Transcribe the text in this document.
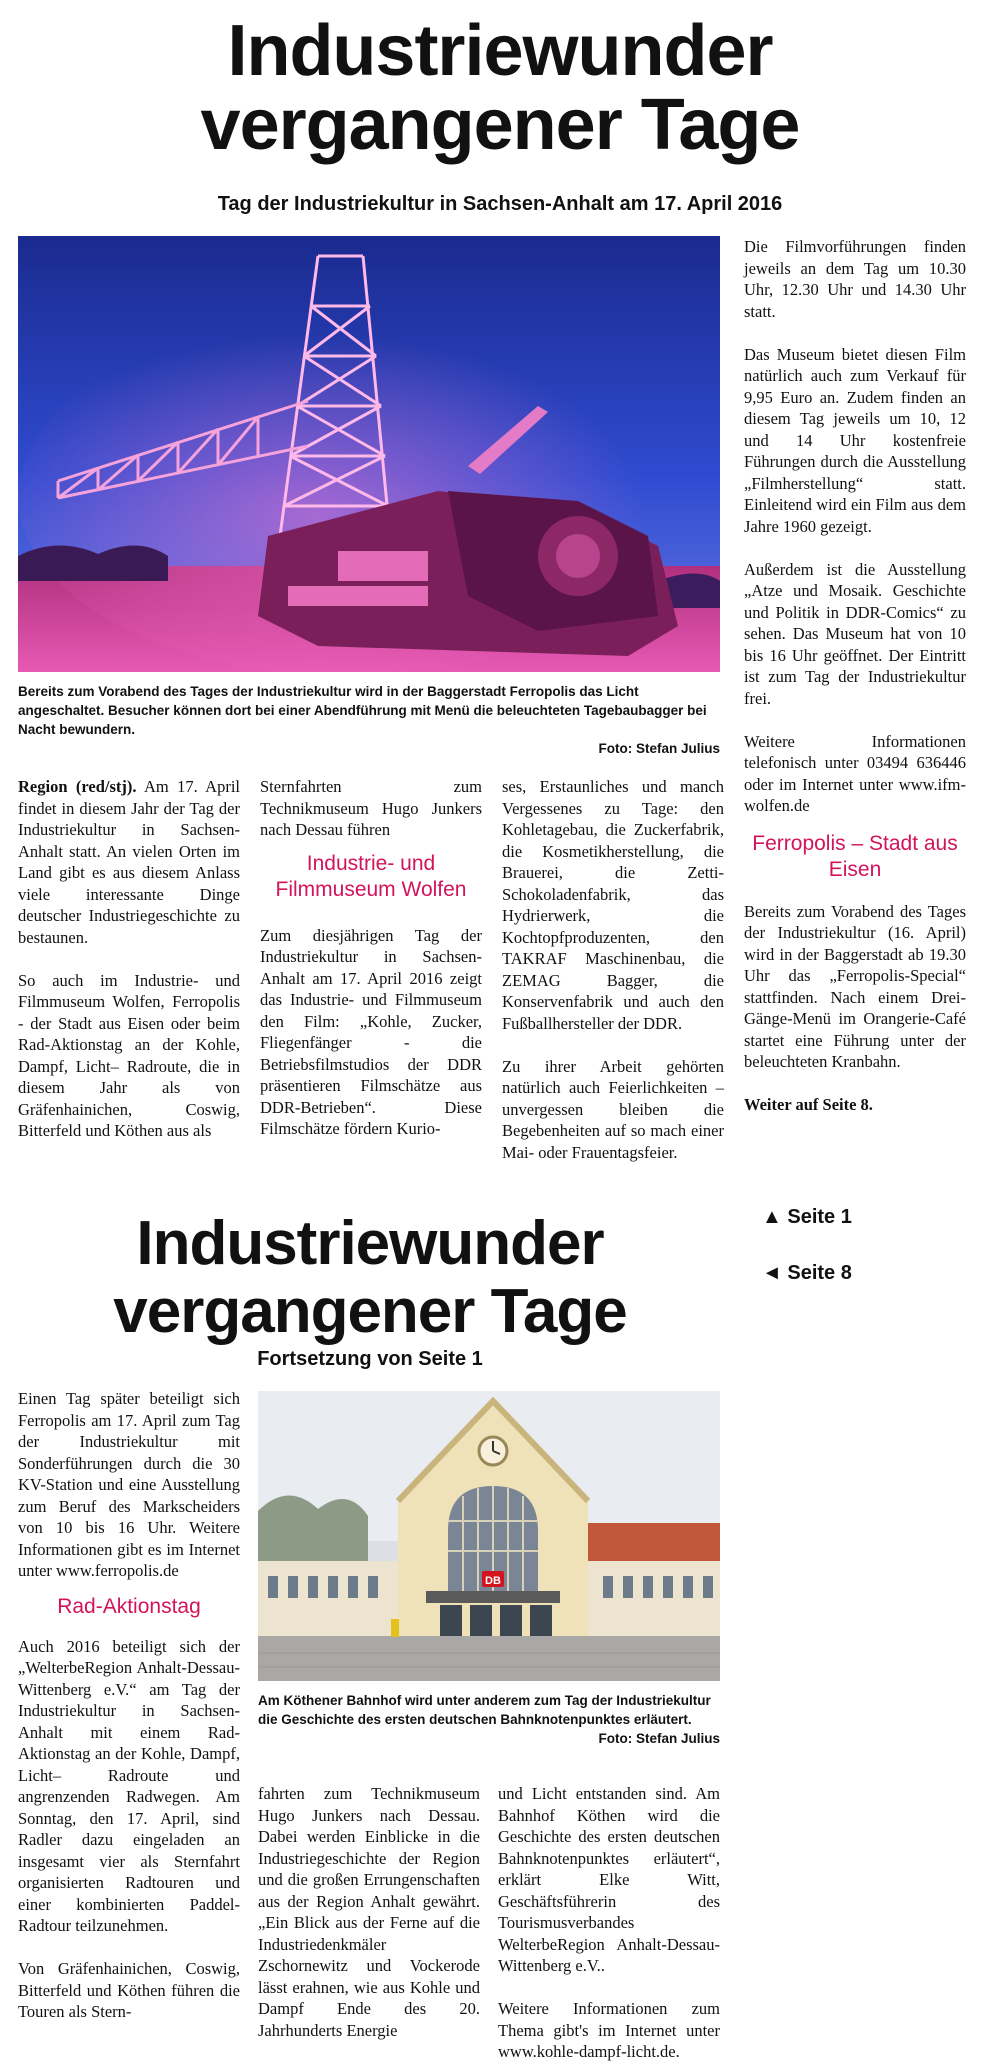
Industriewunder
vergangener Tage
Tag der Industriekultur in Sachsen-Anhalt am 17. April 2016
Bereits zum Vorabend des Tages der Industriekultur wird in der Baggerstadt Ferropolis das Licht angeschaltet. Besucher können dort bei einer Abendführung mit Menü die beleuchteten Tagebaubagger bei Nacht bewundern.
Foto: Stefan Julius

Region (red/stj). Am 17. April findet in diesem Jahr der Tag der Industriekultur in Sachsen-Anhalt statt. An vielen Orten im Land gibt es aus diesem Anlass viele interessante Dinge deutscher Industriegeschichte zu bestaunen.

So auch im Industrie- und Filmmuseum Wolfen, Ferropolis - der Stadt aus Eisen oder beim Rad-Aktionstag an der Kohle, Dampf, Licht– Radroute, die in diesem Jahr als von Gräfenhainichen, Coswig, Bitterfeld und Köthen aus als

Sternfahrten zum Technikmuseum Hugo Junkers nach Dessau führen

Industrie- und Filmmuseum Wolfen

Zum diesjährigen Tag der Industriekultur in Sachsen-Anhalt am 17. April 2016 zeigt das Industrie- und Filmmuseum den Film: „Kohle, Zucker, Fliegenfänger - die Betriebsfilmstudios der DDR präsentieren Filmschätze aus DDR-Betrieben“. Diese Filmschätze fördern Kurio-

ses, Erstaunliches und manch Vergessenes zu Tage: den Kohletagebau, die Zuckerfabrik, die Kosmetikherstellung, die Brauerei, die Zetti-Schokoladenfabrik, das Hydrierwerk, die Kochtopfproduzenten, den TAKRAF Maschinenbau, die ZEMAG Bagger, die Konservenfabrik und auch den Fußballhersteller der DDR.

Zu ihrer Arbeit gehörten natürlich auch Feierlichkeiten – unvergessen bleiben die Begebenheiten auf so mach einer Mai- oder Frauentagsfeier.

Die Filmvorführungen finden jeweils an dem Tag um 10.30 Uhr, 12.30 Uhr und 14.30 Uhr statt.

Das Museum bietet diesen Film natürlich auch zum Verkauf für 9,95 Euro an. Zudem finden an diesem Tag jeweils um 10, 12 und 14 Uhr kostenfreie Führungen durch die Ausstellung „Filmherstellung“ statt. Einleitend wird ein Film aus dem Jahre 1960 gezeigt.

Außerdem ist die Ausstellung „Atze und Mosaik. Geschichte und Politik in DDR-Comics“ zu sehen. Das Museum hat von 10 bis 16 Uhr geöffnet. Der Eintritt ist zum Tag der Industriekultur frei.

Weitere Informationen telefonisch unter 03494 636446 oder im Internet unter www.ifm-wolfen.de

Ferropolis – Stadt aus Eisen

Bereits zum Vorabend des Tages der Industriekultur (16. April) wird in der Baggerstadt ab 19.30 Uhr das „Ferropolis-Special“ stattfinden. Nach einem Drei-Gänge-Menü im Orangerie-Café startet eine Führung unter der beleuchteten Kranbahn.

Weiter auf Seite 8.

▲ Seite 1
◄ Seite 8
Industriewunder
vergangener Tage
Fortsetzung von Seite 1

Einen Tag später beteiligt sich Ferropolis am 17. April zum Tag der Industriekultur mit Sonderführungen durch die 30 KV-Station und eine Ausstellung zum Beruf des Markscheiders von 10 bis 16 Uhr. Weitere Informationen gibt es im Internet unter www.ferropolis.de

Rad-Aktionstag

Auch 2016 beteiligt sich der „WelterbeRegion Anhalt-Dessau-Wittenberg e.V.“ am Tag der Industriekultur in Sachsen-Anhalt mit einem Rad-Aktionstag an der Kohle, Dampf, Licht– Radroute und angrenzenden Radwegen. Am Sonntag, den 17. April, sind Radler dazu eingeladen an insgesamt vier als Sternfahrt organisierten Radtouren und einer kombinierten Paddel-Radtour teilzunehmen.

Von Gräfenhainichen, Coswig, Bitterfeld und Köthen führen die Touren als Stern-

DB
Am Köthener Bahnhof wird unter anderem zum Tag der Industriekultur die Geschichte des ersten deutschen Bahnknotenpunktes erläutert.
Foto: Stefan Julius

fahrten zum Technikmuseum Hugo Junkers nach Dessau. Dabei werden Einblicke in die Industriegeschichte der Region und die großen Errungenschaften aus der Region Anhalt gewährt. „Ein Blick aus der Ferne auf die Industriedenkmäler Zschornewitz und Vockerode lässt erahnen, wie aus Kohle und Dampf Ende des 20. Jahrhunderts Energie

und Licht entstanden sind. Am Bahnhof Köthen wird die Geschichte des ersten deutschen Bahnknotenpunktes erläutert“, erklärt Elke Witt, Geschäftsführerin des Tourismusverbandes WelterbeRegion Anhalt-Dessau-Wittenberg e.V..

Weitere Informationen zum Thema gibt's im Internet unter www.kohle-dampf-licht.de.
